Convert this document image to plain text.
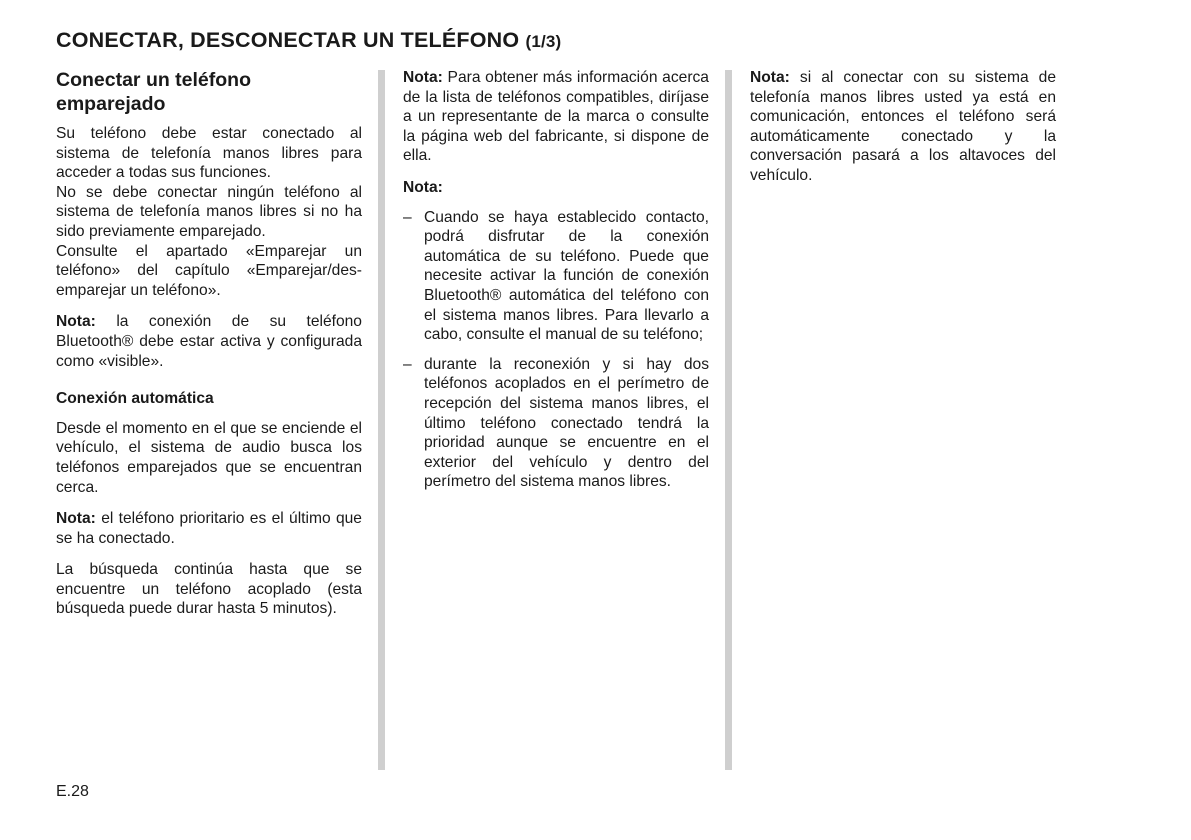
CONECTAR, DESCONECTAR UN TELÉFONO (1/3)
Conectar un teléfono emparejado

Su teléfono debe estar conectado al sistema de telefonía manos libres para acceder a todas sus funciones.

No se debe conectar ningún teléfono al sistema de telefonía manos libres si no ha sido previamente emparejado.

Consulte el apartado «Emparejar un teléfono» del capítulo «Emparejar/desemparejar un teléfono».

Nota: la conexión de su teléfono Bluetooth® debe estar activa y configurada como «visible».

Conexión automática

Desde el momento en el que se enciende el vehículo, el sistema de audio busca los teléfonos emparejados que se encuentran cerca.

Nota: el teléfono prioritario es el último que se ha conectado.

La búsqueda continúa hasta que se encuentre un teléfono acoplado (esta búsqueda puede durar hasta 5 minutos).

Nota: Para obtener más información acerca de la lista de teléfonos compatibles, diríjase a un representante de la marca o consulte la página web del fabricante, si dispone de ella.

Nota:
– Cuando se haya establecido contacto, podrá disfrutar de la conexión automática de su teléfono. Puede que necesite activar la función de conexión Bluetooth® automática del teléfono con el sistema manos libres. Para llevarlo a cabo, consulte el manual de su teléfono;
– durante la reconexión y si hay dos teléfonos acoplados en el perímetro de recepción del sistema manos libres, el último teléfono conectado tendrá la prioridad aunque se encuentre en el exterior del vehículo y dentro del perímetro del sistema manos libres.

Nota: si al conectar con su sistema de telefonía manos libres usted ya está en comunicación, entonces el teléfono será automáticamente conectado y la conversación pasará a los altavoces del vehículo.

E.28
